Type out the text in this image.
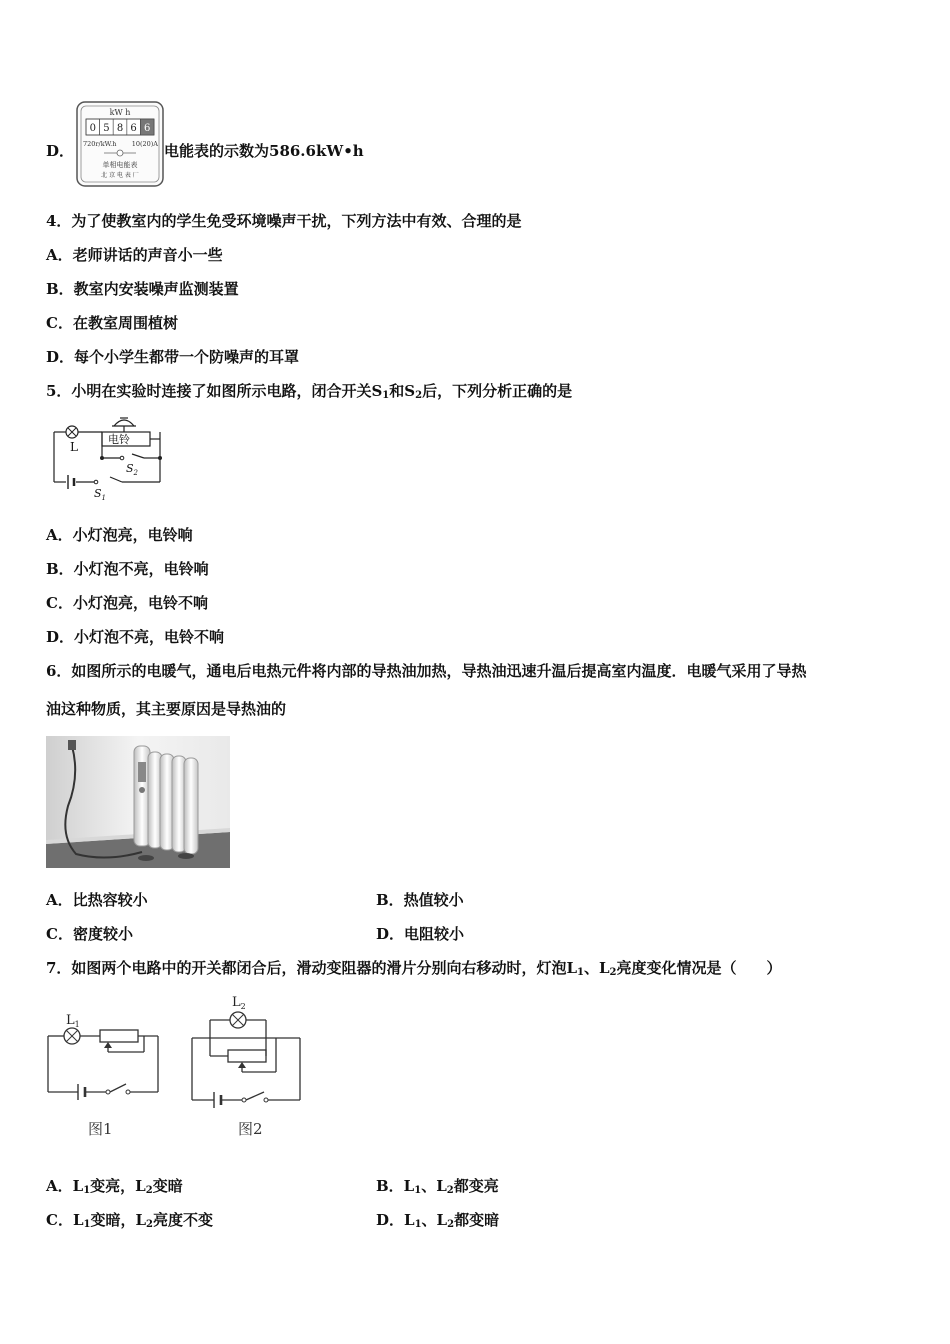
D．
kW h
0 5 8 6 6
720r/kW.h 10(20)A
单相电能表
北 京 电 表 厂
电能表的示数为586.6kW•h
4．为了使教室内的学生免受环境噪声干扰，下列方法中有效、合理的是
A．老师讲话的声音小一些
B．教室内安装噪声监测装置
C．在教室周围植树
D．每个小学生都带一个防噪声的耳罩
5．小明在实验时连接了如图所示电路，闭合开关$S_1$和$S_2$后，下列分析正确的是
L
电铃
$S_2$
$S_1$
A．小灯泡亮，电铃响
B．小灯泡不亮，电铃响
C．小灯泡亮，电铃不响
D．小灯泡不亮，电铃不响
6．如图所示的电暖气，通电后电热元件将内部的导热油加热，导热油迅速升温后提高室内温度．电暖气采用了导热
油这种物质，其主要原因是导热油的
A．比热容较小	B．热值较小
C．密度较小	D．电阻较小
7．如图两个电路中的开关都闭合后，滑动变阻器的滑片分别向右移动时，灯泡$L_1$、$L_2$亮度变化情况是（　　）
$L_1$
图1
$L_2$
图2
A．$L_1$变亮，$L_2$变暗	B．$L_1$、$L_2$都变亮
C．$L_1$变暗，$L_2$亮度不变	D．$L_1$、$L_2$都变暗
